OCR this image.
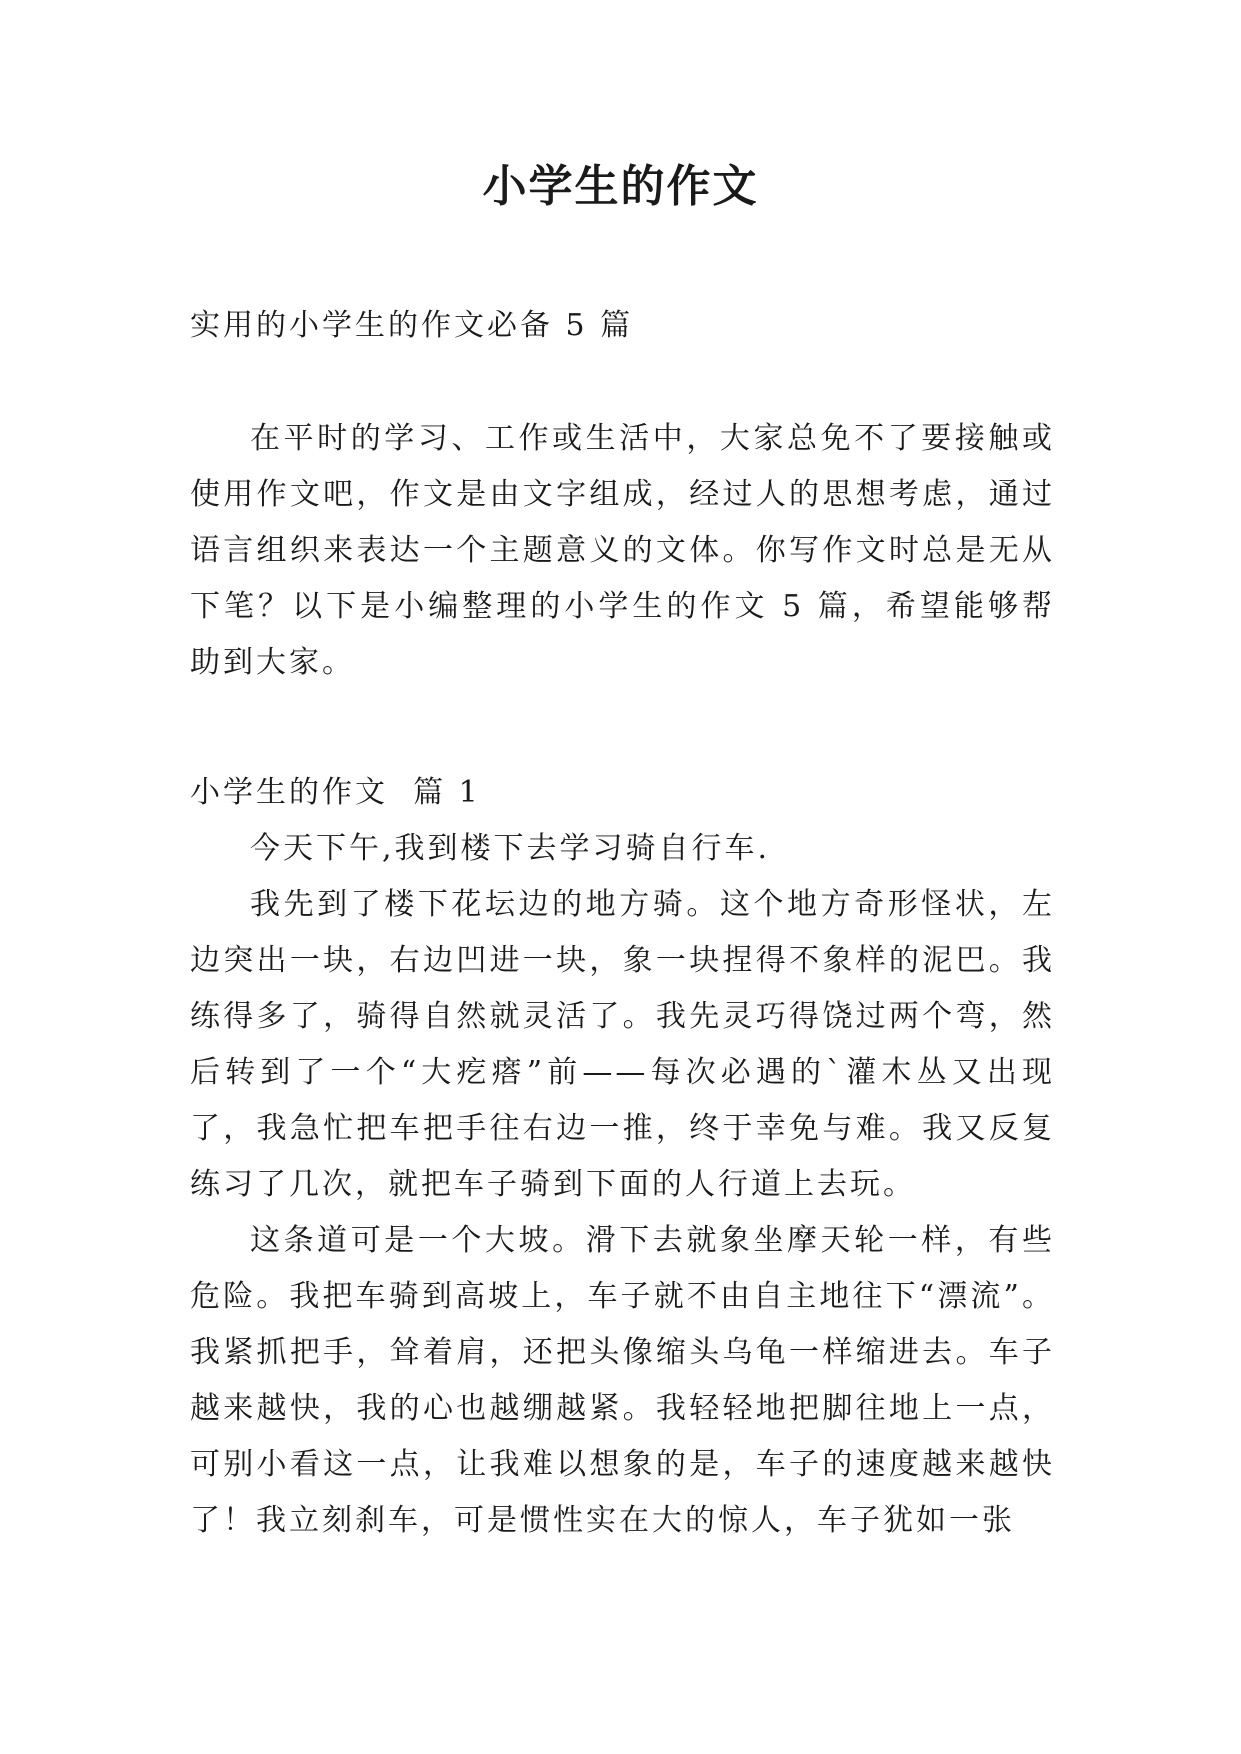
小学生的作文

实用的小学生的作文必备 5 篇

在平时的学习、工作或生活中，大家总免不了要接触或使用作文吧，作文是由文字组成，经过人的思想考虑，通过语言组织来表达一个主题意义的文体。你写作文时总是无从下笔？以下是小编整理的小学生的作文 5 篇，希望能够帮助到大家。

小学生的作文  篇 1

今天下午,我到楼下去学习骑自行车.

我先到了楼下花坛边的地方骑。这个地方奇形怪状，左边突出一块，右边凹进一块，象一块捏得不象样的泥巴。我练得多了，骑得自然就灵活了。我先灵巧得饶过两个弯，然后转到了一个“大疙瘩”前——每次必遇的`灌木丛又出现了，我急忙把车把手往右边一推，终于幸免与难。我又反复练习了几次，就把车子骑到下面的人行道上去玩。

这条道可是一个大坡。滑下去就象坐摩天轮一样，有些危险。我把车骑到高坡上，车子就不由自主地往下“漂流”。我紧抓把手，耸着肩，还把头像缩头乌龟一样缩进去。车子越来越快，我的心也越绷越紧。我轻轻地把脚往地上一点，可别小看这一点，让我难以想象的是，车子的速度越来越快了！我立刻刹车，可是惯性实在大的惊人，车子犹如一张
